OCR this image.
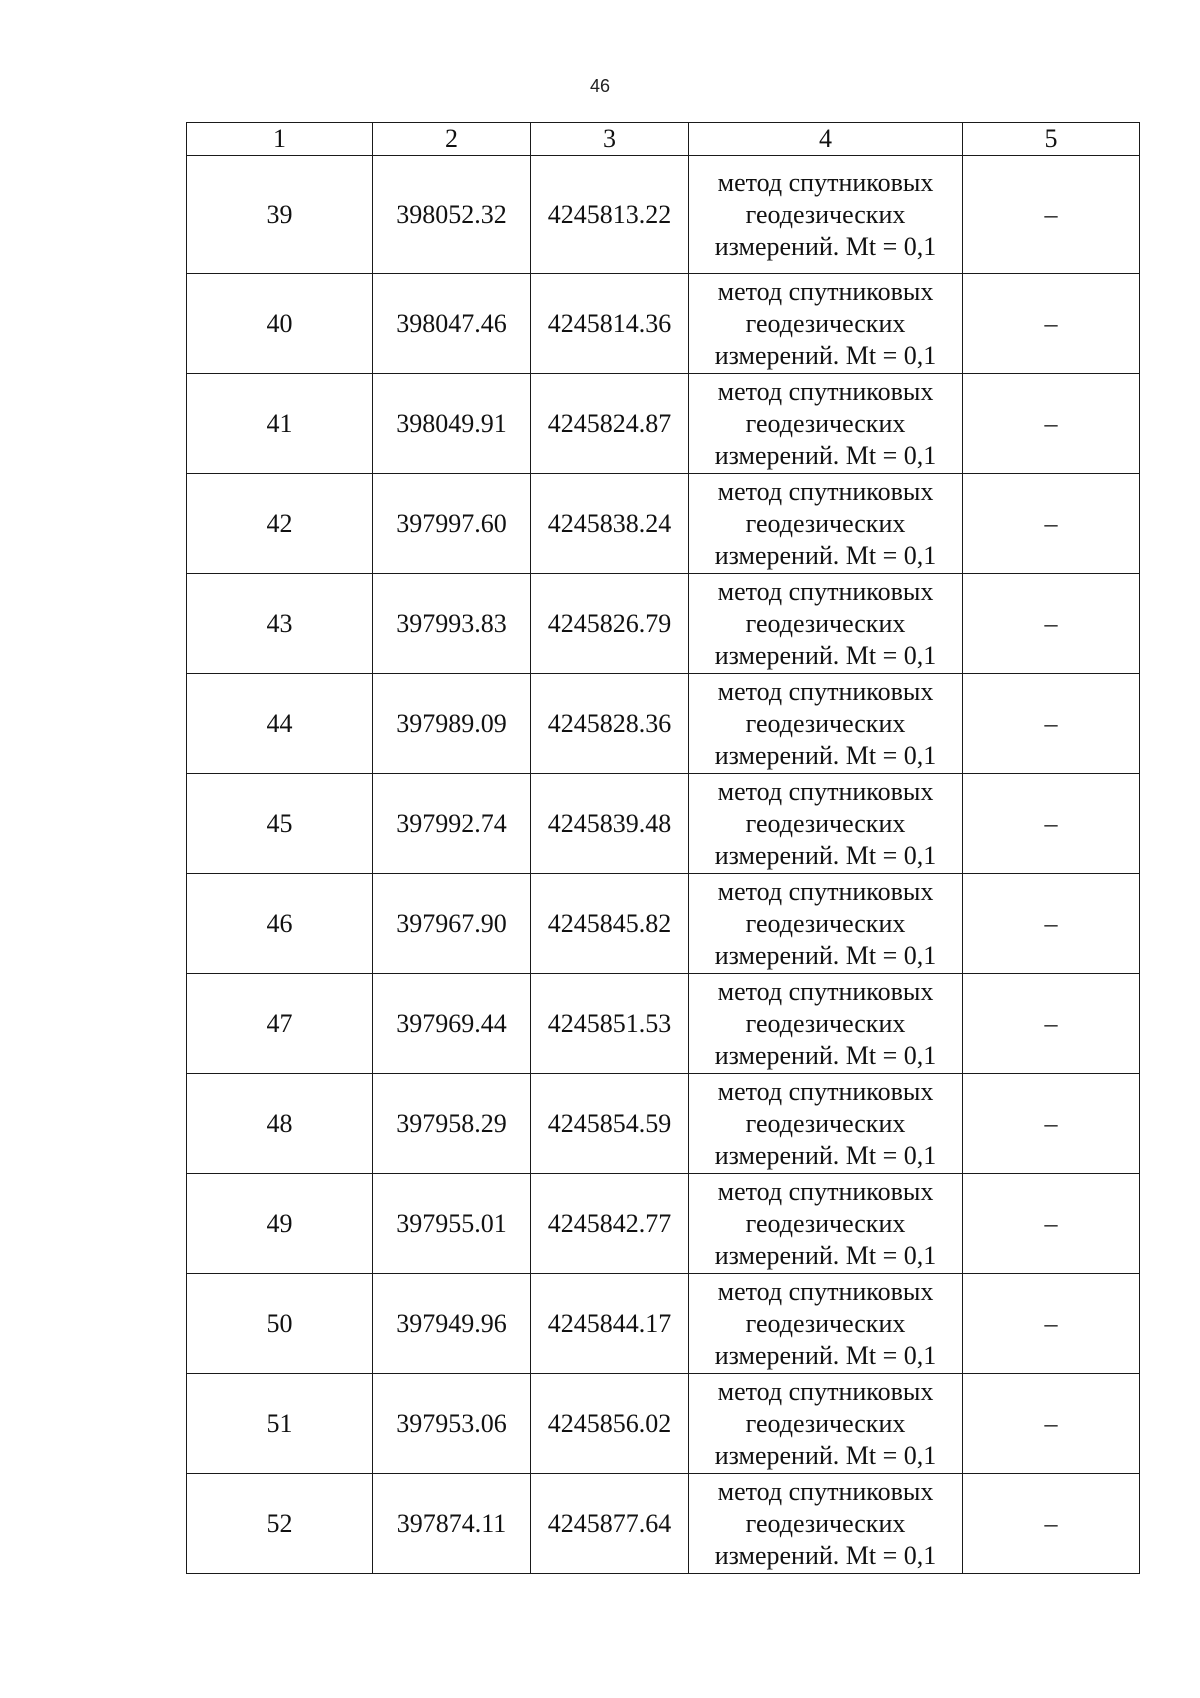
46
1	2	3	4	5
39	398052.32	4245813.22	метод спутниковых геодезических измерений. Mt = 0,1	–
40	398047.46	4245814.36	метод спутниковых геодезических измерений. Mt = 0,1	–
41	398049.91	4245824.87	метод спутниковых геодезических измерений. Mt = 0,1	–
42	397997.60	4245838.24	метод спутниковых геодезических измерений. Mt = 0,1	–
43	397993.83	4245826.79	метод спутниковых геодезических измерений. Mt = 0,1	–
44	397989.09	4245828.36	метод спутниковых геодезических измерений. Mt = 0,1	–
45	397992.74	4245839.48	метод спутниковых геодезических измерений. Mt = 0,1	–
46	397967.90	4245845.82	метод спутниковых геодезических измерений. Mt = 0,1	–
47	397969.44	4245851.53	метод спутниковых геодезических измерений. Mt = 0,1	–
48	397958.29	4245854.59	метод спутниковых геодезических измерений. Mt = 0,1	–
49	397955.01	4245842.77	метод спутниковых геодезических измерений. Mt = 0,1	–
50	397949.96	4245844.17	метод спутниковых геодезических измерений. Mt = 0,1	–
51	397953.06	4245856.02	метод спутниковых геодезических измерений. Mt = 0,1	–
52	397874.11	4245877.64	метод спутниковых геодезических измерений. Mt = 0,1	–
